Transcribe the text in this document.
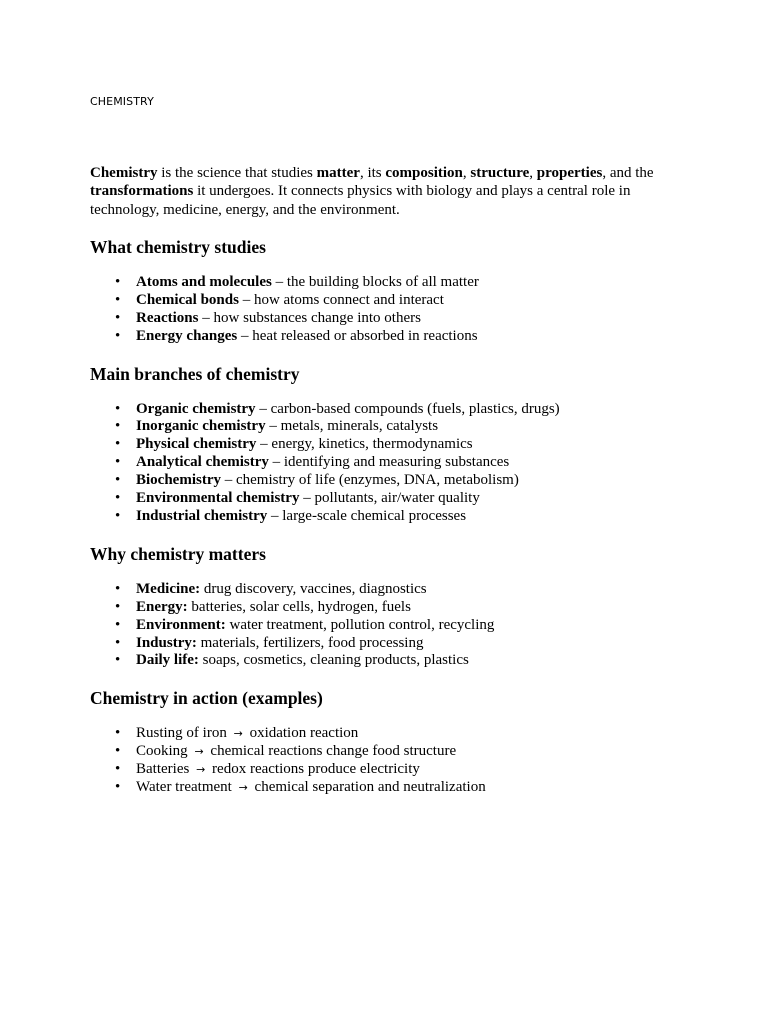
CHEMISTRY

Chemistry is the science that studies matter, its composition, structure, properties, and the transformations it undergoes. It connects physics with biology and plays a central role in technology, medicine, energy, and the environment.

What chemistry studies
• Atoms and molecules – the building blocks of all matter
• Chemical bonds – how atoms connect and interact
• Reactions – how substances change into others
• Energy changes – heat released or absorbed in reactions
Main branches of chemistry
• Organic chemistry – carbon-based compounds (fuels, plastics, drugs)
• Inorganic chemistry – metals, minerals, catalysts
• Physical chemistry – energy, kinetics, thermodynamics
• Analytical chemistry – identifying and measuring substances
• Biochemistry – chemistry of life (enzymes, DNA, metabolism)
• Environmental chemistry – pollutants, air/water quality
• Industrial chemistry – large-scale chemical processes
Why chemistry matters
• Medicine: drug discovery, vaccines, diagnostics
• Energy: batteries, solar cells, hydrogen, fuels
• Environment: water treatment, pollution control, recycling
• Industry: materials, fertilizers, food processing
• Daily life: soaps, cosmetics, cleaning products, plastics
Chemistry in action (examples)
• Rusting of iron → oxidation reaction
• Cooking → chemical reactions change food structure
• Batteries → redox reactions produce electricity
• Water treatment → chemical separation and neutralization
